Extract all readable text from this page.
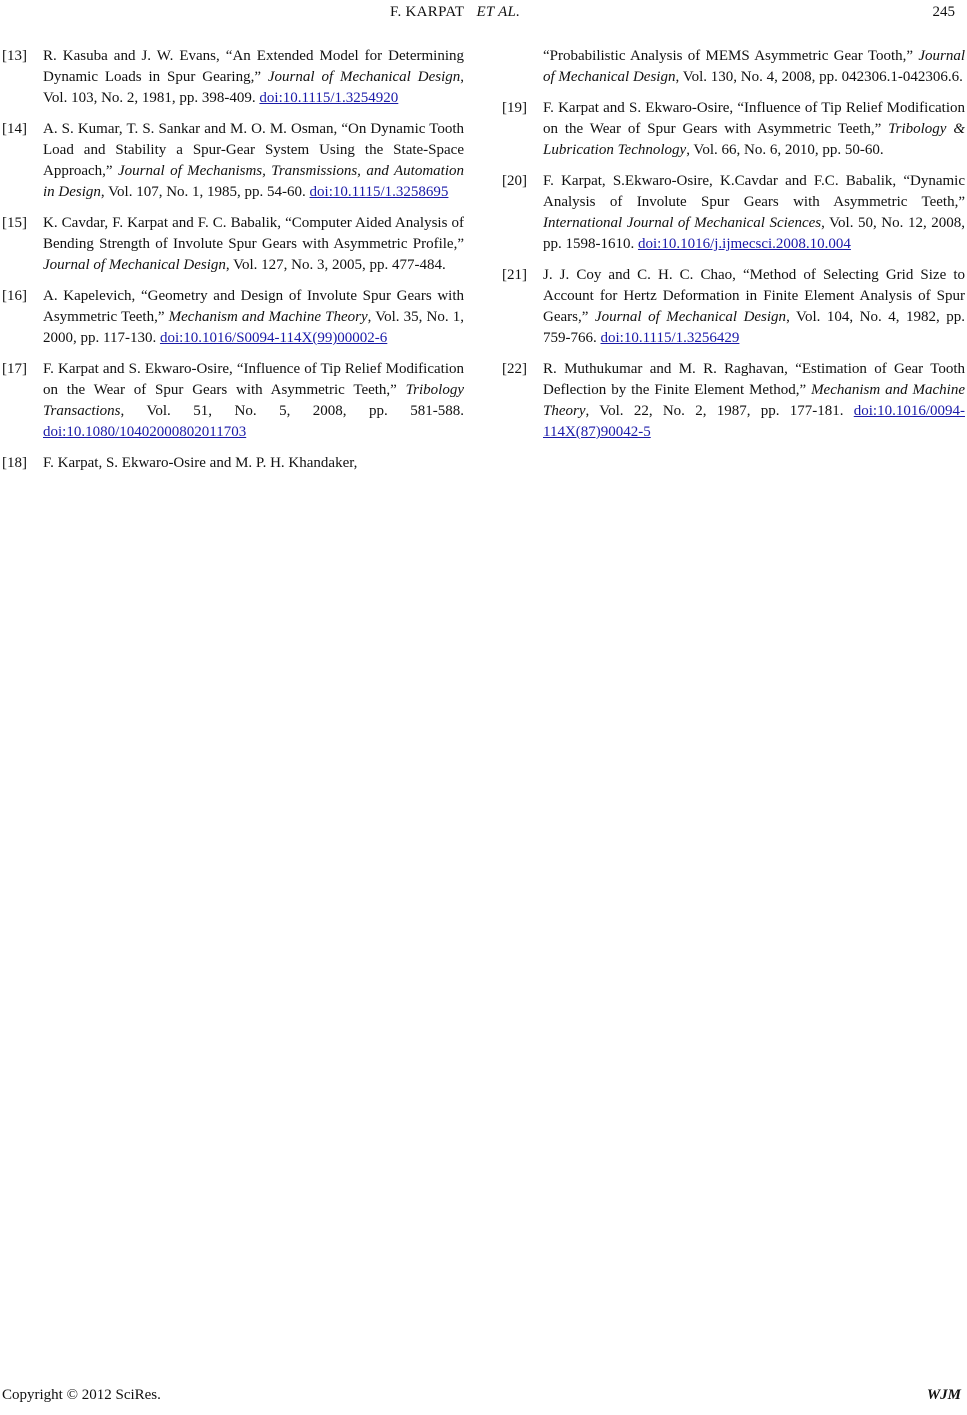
F. KARPAT ET AL.	245
[13] R. Kasuba and J. W. Evans, “An Extended Model for Determining Dynamic Loads in Spur Gearing,” Journal of Mechanical Design, Vol. 103, No. 2, 1981, pp. 398-409. doi:10.1115/1.3254920
[14] A. S. Kumar, T. S. Sankar and M. O. M. Osman, “On Dynamic Tooth Load and Stability a Spur-Gear System Using the State-Space Approach,” Journal of Mechanisms, Transmissions, and Automation in Design, Vol. 107, No. 1, 1985, pp. 54-60. doi:10.1115/1.3258695
[15] K. Cavdar, F. Karpat and F. C. Babalik, “Computer Aided Analysis of Bending Strength of Involute Spur Gears with Asymmetric Profile,” Journal of Mechanical Design, Vol. 127, No. 3, 2005, pp. 477-484.
[16] A. Kapelevich, “Geometry and Design of Involute Spur Gears with Asymmetric Teeth,” Mechanism and Machine Theory, Vol. 35, No. 1, 2000, pp. 117-130. doi:10.1016/S0094-114X(99)00002-6
[17] F. Karpat and S. Ekwaro-Osire, “Influence of Tip Relief Modification on the Wear of Spur Gears with Asymmetric Teeth,” Tribology Transactions, Vol. 51, No. 5, 2008, pp. 581-588. doi:10.1080/10402000802011703
[18] F. Karpat, S. Ekwaro-Osire and M. P. H. Khandaker,
“Probabilistic Analysis of MEMS Asymmetric Gear Tooth,” Journal of Mechanical Design, Vol. 130, No. 4, 2008, pp. 042306.1-042306.6.
[19] F. Karpat and S. Ekwaro-Osire, “Influence of Tip Relief Modification on the Wear of Spur Gears with Asymmetric Teeth,” Tribology & Lubrication Technology, Vol. 66, No. 6, 2010, pp. 50-60.
[20] F. Karpat, S.Ekwaro-Osire, K.Cavdar and F.C. Babalik, “Dynamic Analysis of Involute Spur Gears with Asymmetric Teeth,” International Journal of Mechanical Sciences, Vol. 50, No. 12, 2008, pp. 1598-1610. doi:10.1016/j.ijmecsci.2008.10.004
[21] J. J. Coy and C. H. C. Chao, “Method of Selecting Grid Size to Account for Hertz Deformation in Finite Element Analysis of Spur Gears,” Journal of Mechanical Design, Vol. 104, No. 4, 1982, pp. 759-766. doi:10.1115/1.3256429
[22] R. Muthukumar and M. R. Raghavan, “Estimation of Gear Tooth Deflection by the Finite Element Method,” Mechanism and Machine Theory, Vol. 22, No. 2, 1987, pp. 177-181. doi:10.1016/0094-114X(87)90042-5
Copyright © 2012 SciRes.	WJM
